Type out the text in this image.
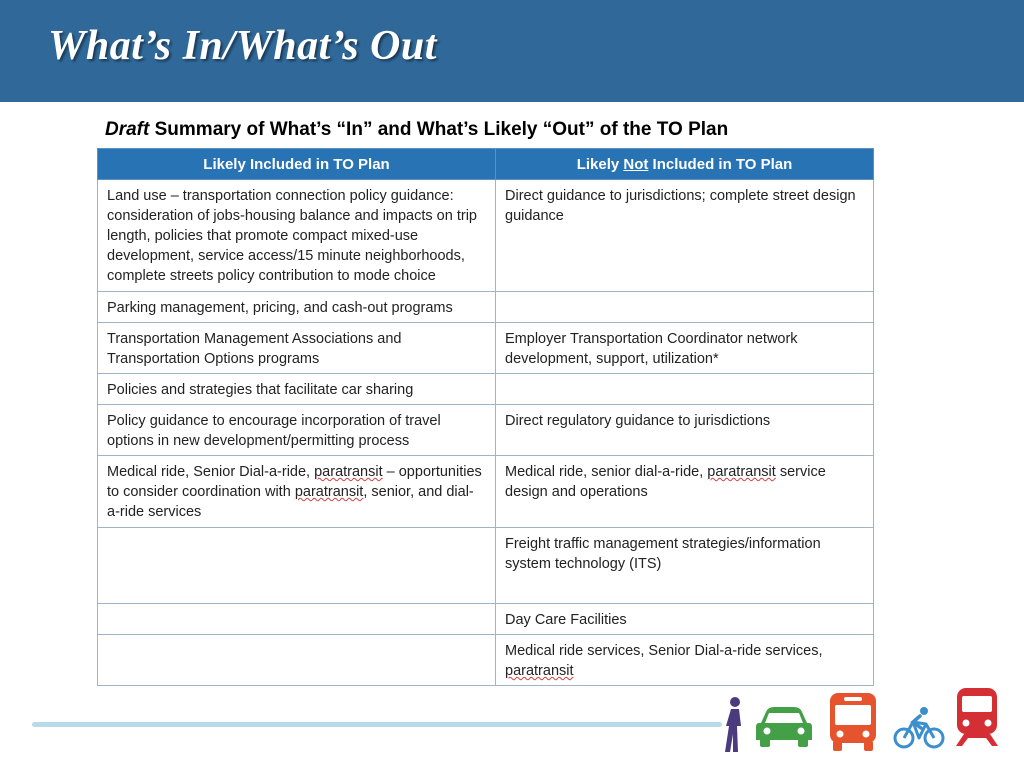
What’s In/What’s Out

Draft Summary of What’s “In” and What’s Likely “Out” of the TO Plan

Likely Included in TO Plan	Likely Not Included in TO Plan
Land use – transportation connection policy guidance: consideration of jobs-housing balance and impacts on trip length, policies that promote compact mixed-use development, service access/15 minute neighborhoods, complete streets policy contribution to mode choice	Direct guidance to jurisdictions; complete street design guidance
Parking management, pricing, and cash-out programs	
Transportation Management Associations and Transportation Options programs	Employer Transportation Coordinator network development, support, utilization*
Policies and strategies that facilitate car sharing	
Policy guidance to encourage incorporation of travel options in new development/permitting process	Direct regulatory guidance to jurisdictions
Medical ride, Senior Dial-a-ride, paratransit – opportunities to consider coordination with paratransit, senior, and dial-a-ride services	Medical ride, senior dial-a-ride, paratransit service design and operations
	Freight traffic management strategies/information system technology (ITS)
	Day Care Facilities
	Medical ride services, Senior Dial-a-ride services, paratransit
